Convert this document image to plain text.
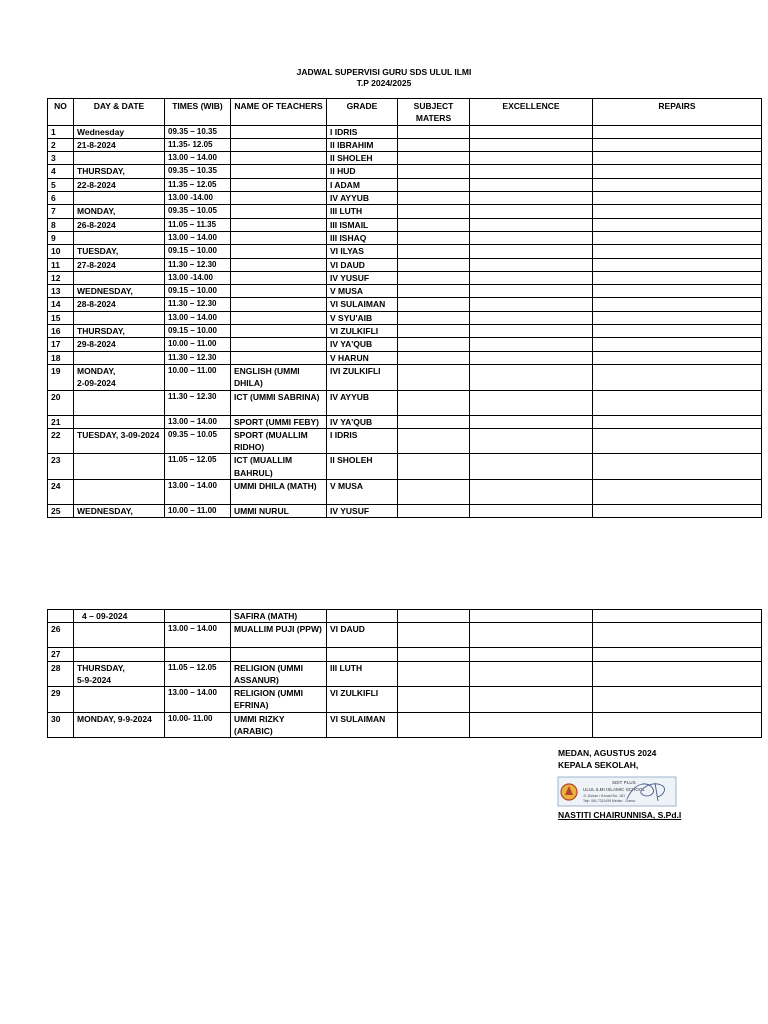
JADWAL SUPERVISI GURU SDS ULUL ILMI
T.P 2024/2025
NO	DAY & DATE	TIMES (WIB)	NAME OF TEACHERS	GRADE	SUBJECT MATERS	EXCELLENCE	REPAIRS
1	Wednesday	09.35 – 10.35		I IDRIS			
2	21-8-2024	11.35- 12.05		II IBRAHIM			
3		13.00 – 14.00		II SHOLEH			
4	THURSDAY,	09.35 – 10.35		II HUD			
5	22-8-2024	11.35 – 12.05		I ADAM			
6		13.00 -14.00		IV AYYUB			
7	MONDAY,	09.35 – 10.05		III LUTH			
8	26-8-2024	11.05 – 11.35		III ISMAIL			
9		13.00 – 14.00		III ISHAQ			
10	TUESDAY,	09.15 – 10.00		VI ILYAS			
11	27-8-2024	11.30 – 12.30		VI DAUD			
12		13.00 -14.00		IV YUSUF			
13	WEDNESDAY,	09.15 – 10.00		V MUSA			
14	28-8-2024	11.30 – 12.30		VI SULAIMAN			
15		13.00 – 14.00		V SYU'AIB			
16	THURSDAY,	09.15 – 10.00		VI ZULKIFLI			
17	29-8-2024	10.00 – 11.00		IV YA'QUB			
18		11.30 – 12.30		V HARUN			
19	MONDAY,
2-09-2024	10.00 – 11.00	ENGLISH (UMMI DHILA)	IVI ZULKIFLI			
20		11.30 – 12.30	ICT (UMMI SABRINA)	IV AYYUB			
21		13.00 – 14.00	SPORT (UMMI FEBY)	IV YA'QUB			
22	TUESDAY, 3-09-2024	09.35 – 10.05	SPORT (MUALLIM RIDHO)	I IDRIS			
23		11.05 – 12.05	ICT (MUALLIM BAHRUL)	II SHOLEH			
24		13.00 – 14.00	UMMI DHILA (MATH)	V MUSA			
25	WEDNESDAY,	10.00 – 11.00	UMMI NURUL	IV YUSUF			
	4 – 09-2024		SAFIRA (MATH)				
26		13.00 – 14.00	MUALLIM PUJI (PPW)	VI DAUD			
27							
28	THURSDAY,
5-9-2024	11.05 – 12.05	RELIGION (UMMI ASSANUR)	III LUTH			
29		13.00 – 14.00	RELIGION (UMMI EFRINA)	VI ZULKIFLI			
30	MONDAY, 9-9-2024	10.00- 11.00	UMMI RIZKY (ARABIC)	VI SULAIMAN			
MEDAN, AGUSTUS 2024
KEPALA SEKOLAH,
SDIT PLUS
ULUL ILMI ISLAMIC SCHOOL
Jl. Durian / Kenari No. 181
Telp. 061-7321499 Medan - Sumut
NASTITI CHAIRUNNISA, S.Pd.I
